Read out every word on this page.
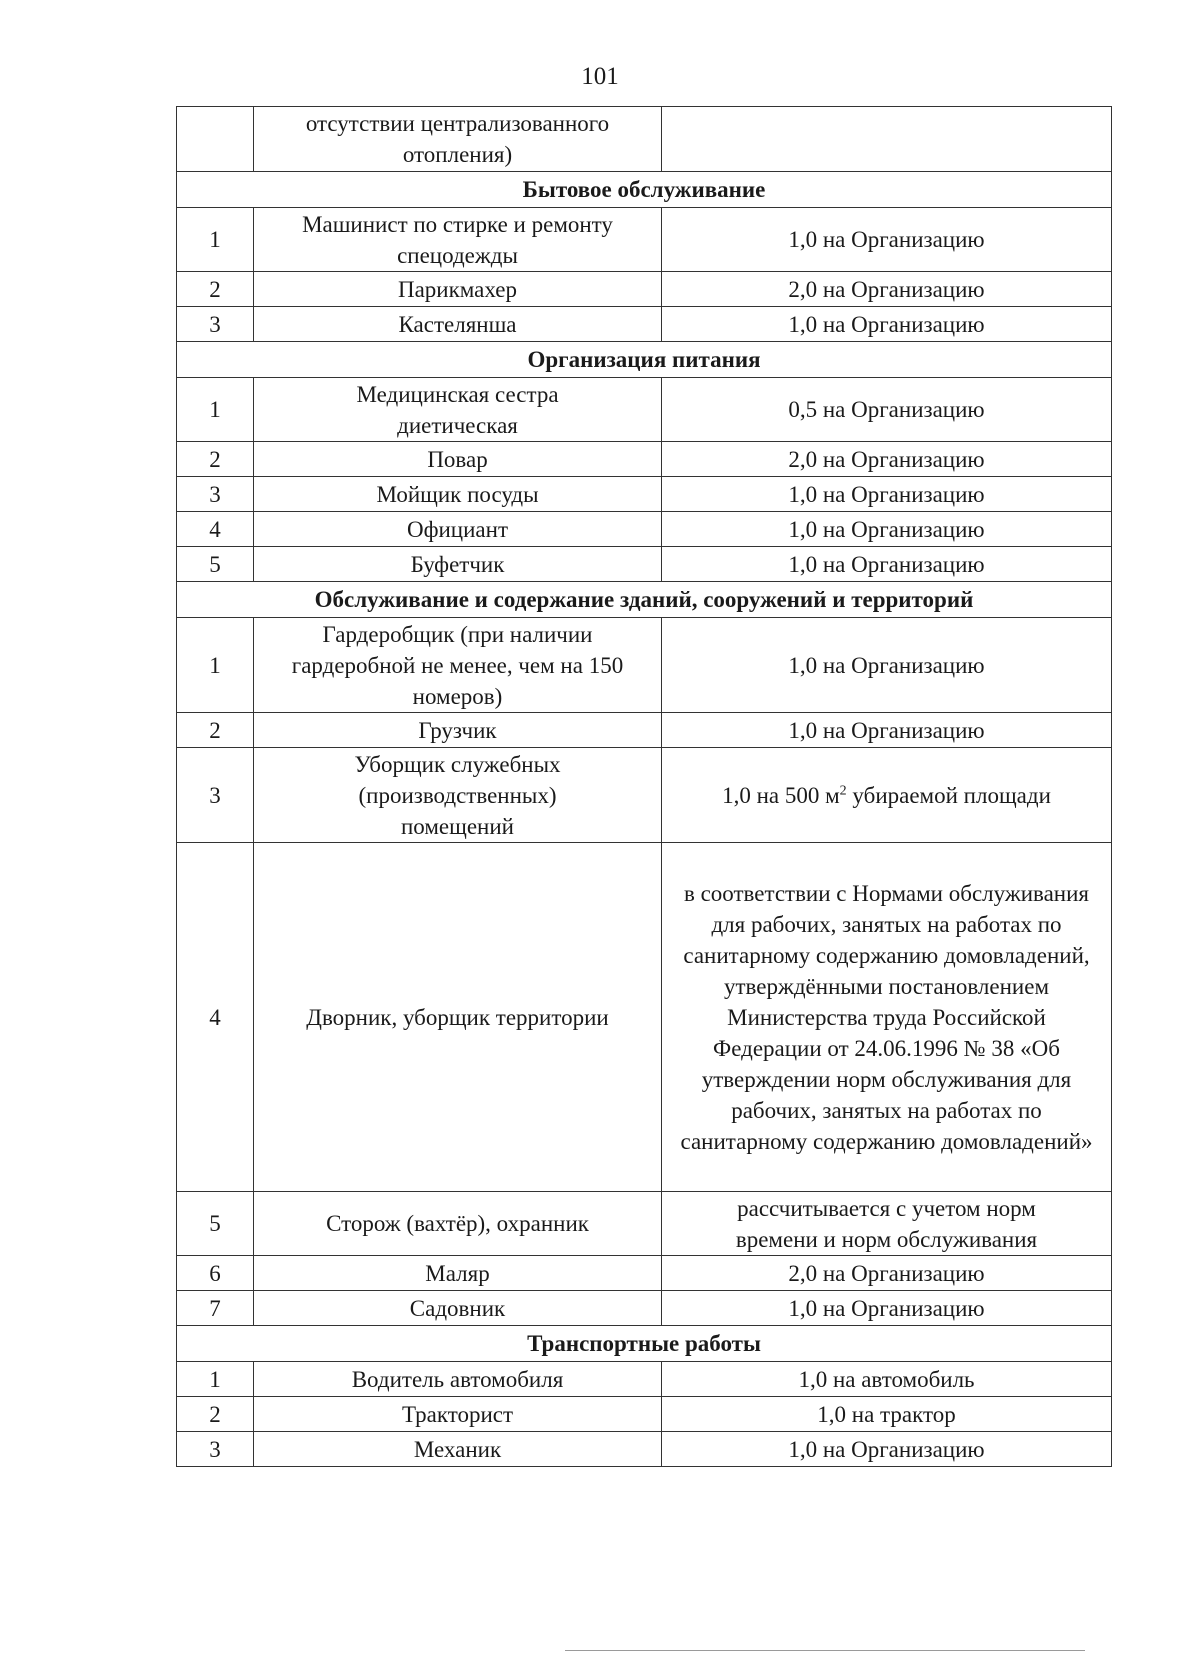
101
	отсутствии централизованного отопления)	
Бытовое обслуживание		
1	Машинист по стирке и ремонту спецодежды	1,0 на Организацию
2	Парикмахер	2,0 на Организацию
3	Кастелянша	1,0 на Организацию
Организация питания		
1	Медицинская сестра диетическая	0,5 на Организацию
2	Повар	2,0 на Организацию
3	Мойщик посуды	1,0 на Организацию
4	Официант	1,0 на Организацию
5	Буфетчик	1,0 на Организацию
Обслуживание и содержание зданий, сооружений и территорий		
1	Гардеробщик (при наличии гардеробной не менее, чем на 150 номеров)	1,0 на Организацию
2	Грузчик	1,0 на Организацию
3	Уборщик служебных (производственных) помещений	1,0 на 500 $м^2$ убираемой площади
4	Дворник, уборщик территории	в соответствии с Нормами обслуживания для рабочих, занятых на работах по санитарному содержанию домовладений, утверждёнными постановлением Министерства труда Российской Федерации от 24.06.1996 № 38 «Об утверждении норм обслуживания для рабочих, занятых на работах по санитарному содержанию домовладений»
5	Сторож (вахтёр), охранник	рассчитывается с учетом норм времени и норм обслуживания
6	Маляр	2,0 на Организацию
7	Садовник	1,0 на Организацию
Транспортные работы		
1	Водитель автомобиля	1,0 на автомобиль
2	Тракторист	1,0 на трактор
3	Механик	1,0 на Организацию
